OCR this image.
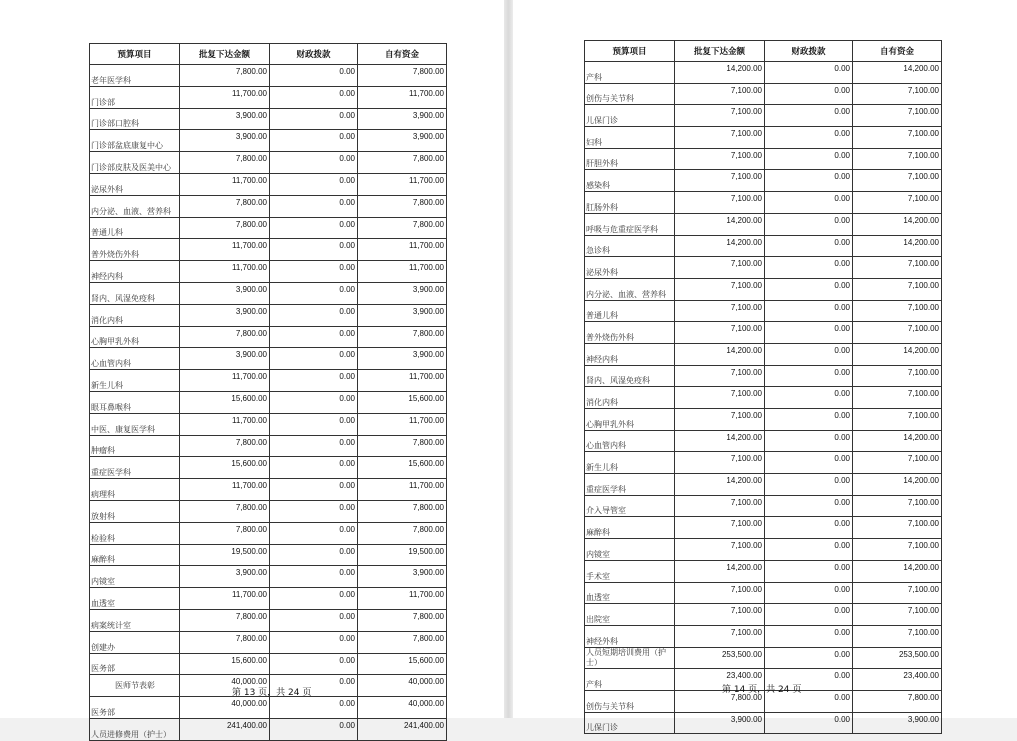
预算项目	批复下达金额	财政拨款	自有资金
老年医学科	7,800.00	0.00	7,800.00
门诊部	11,700.00	0.00	11,700.00
门诊部口腔科	3,900.00	0.00	3,900.00
门诊部盆底康复中心	3,900.00	0.00	3,900.00
门诊部皮肤及医美中心	7,800.00	0.00	7,800.00
泌尿外科	11,700.00	0.00	11,700.00
内分泌、血液、营养科	7,800.00	0.00	7,800.00
普通儿科	7,800.00	0.00	7,800.00
普外烧伤外科	11,700.00	0.00	11,700.00
神经内科	11,700.00	0.00	11,700.00
肾内、风湿免疫科	3,900.00	0.00	3,900.00
消化内科	3,900.00	0.00	3,900.00
心胸甲乳外科	7,800.00	0.00	7,800.00
心血管内科	3,900.00	0.00	3,900.00
新生儿科	11,700.00	0.00	11,700.00
眼耳鼻喉科	15,600.00	0.00	15,600.00
中医、康复医学科	11,700.00	0.00	11,700.00
肿瘤科	7,800.00	0.00	7,800.00
重症医学科	15,600.00	0.00	15,600.00
病理科	11,700.00	0.00	11,700.00
放射科	7,800.00	0.00	7,800.00
检验科	7,800.00	0.00	7,800.00
麻醉科	19,500.00	0.00	19,500.00
内镜室	3,900.00	0.00	3,900.00
血透室	11,700.00	0.00	11,700.00
病案统计室	7,800.00	0.00	7,800.00
创建办	7,800.00	0.00	7,800.00
医务部	15,600.00	0.00	15,600.00
医师节表彰	40,000.00	0.00	40,000.00
医务部	40,000.00	0.00	40,000.00
人员进修费用（护士）	241,400.00	0.00	241,400.00
预算项目	批复下达金额	财政拨款	自有资金
产科	14,200.00	0.00	14,200.00
创伤与关节科	7,100.00	0.00	7,100.00
儿保门诊	7,100.00	0.00	7,100.00
妇科	7,100.00	0.00	7,100.00
肝胆外科	7,100.00	0.00	7,100.00
感染科	7,100.00	0.00	7,100.00
肛肠外科	7,100.00	0.00	7,100.00
呼吸与危重症医学科	14,200.00	0.00	14,200.00
急诊科	14,200.00	0.00	14,200.00
泌尿外科	7,100.00	0.00	7,100.00
内分泌、血液、营养科	7,100.00	0.00	7,100.00
普通儿科	7,100.00	0.00	7,100.00
普外烧伤外科	7,100.00	0.00	7,100.00
神经内科	14,200.00	0.00	14,200.00
肾内、风湿免疫科	7,100.00	0.00	7,100.00
消化内科	7,100.00	0.00	7,100.00
心胸甲乳外科	7,100.00	0.00	7,100.00
心血管内科	14,200.00	0.00	14,200.00
新生儿科	7,100.00	0.00	7,100.00
重症医学科	14,200.00	0.00	14,200.00
介入导管室	7,100.00	0.00	7,100.00
麻醉科	7,100.00	0.00	7,100.00
内镜室	7,100.00	0.00	7,100.00
手术室	14,200.00	0.00	14,200.00
血透室	7,100.00	0.00	7,100.00
出院室	7,100.00	0.00	7,100.00
神经外科	7,100.00	0.00	7,100.00
人员短期培训费用（护士）	253,500.00	0.00	253,500.00
产科	23,400.00	0.00	23,400.00
创伤与关节科	7,800.00	0.00	7,800.00
儿保门诊	3,900.00	0.00	3,900.00
第 13 页，共 24 页	第 14 页，共 24 页
